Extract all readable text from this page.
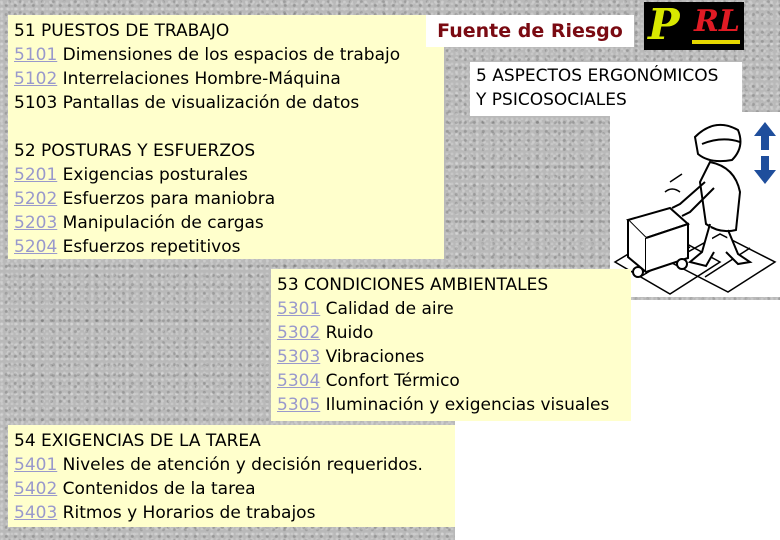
51 PUESTOS DE TRABAJO
5101 Dimensiones de los espacios de trabajo
5102 Interrelaciones Hombre-Máquina
5103 Pantallas de visualización de datos
52 POSTURAS Y ESFUERZOS
5201 Exigencias posturales
5202 Esfuerzos para maniobra
5203 Manipulación de cargas
5204 Esfuerzos repetitivos
Fuente de Riesgo P RL
5 ASPECTOS ERGONÓMICOS
Y PSICOSOCIALES
53 CONDICIONES AMBIENTALES
5301 Calidad de aire
5302 Ruido
5303 Vibraciones
5304 Confort Térmico
5305 Iluminación y exigencias visuales
54 EXIGENCIAS DE LA TAREA
5401 Niveles de atención y decisión requeridos.
5402 Contenidos de la tarea
5403 Ritmos y Horarios de trabajos
